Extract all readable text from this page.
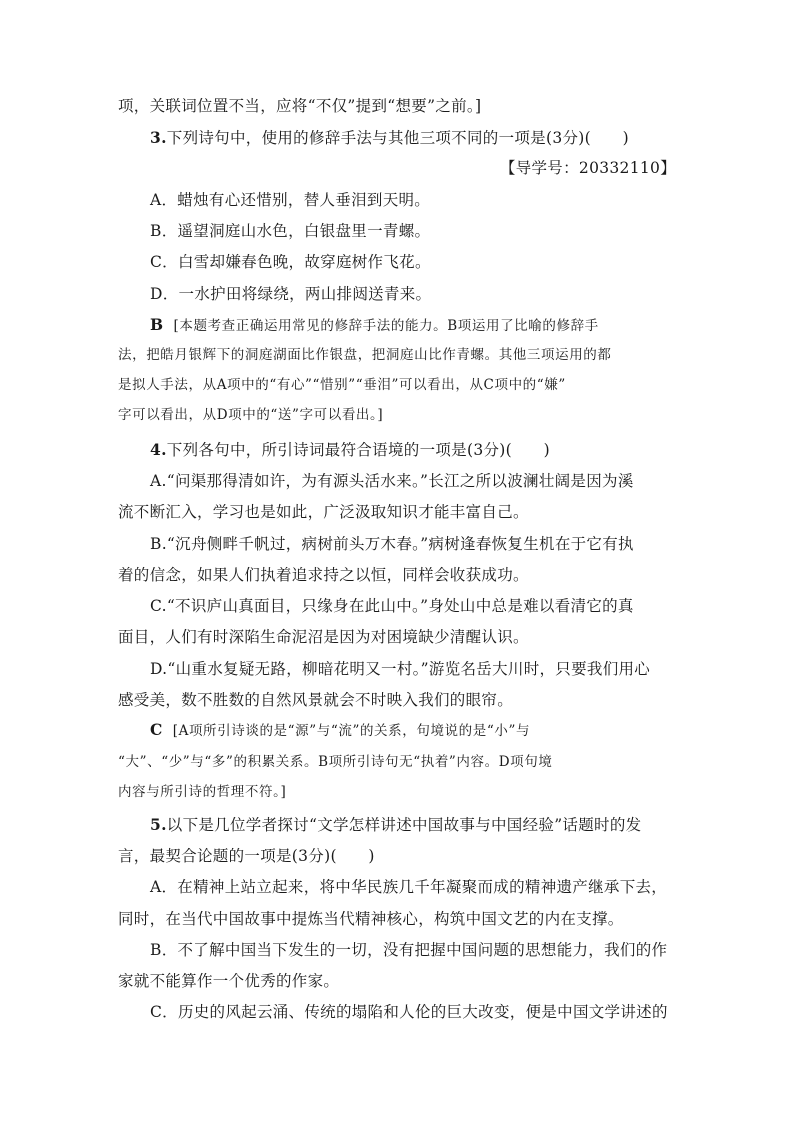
项，关联词位置不当，应将“不仅”提到“想要”之前。]
3.下列诗句中，使用的修辞手法与其他三项不同的一项是(3分)(　　)
【导学号：20332110】
A．蜡烛有心还惜别，替人垂泪到天明。
B．遥望洞庭山水色，白银盘里一青螺。
C．白雪却嫌春色晚，故穿庭树作飞花。
D．一水护田将绿绕，两山排闼送青来。
B [本题考查正确运用常见的修辞手法的能力。B项运用了比喻的修辞手
法，把皓月银辉下的洞庭湖面比作银盘，把洞庭山比作青螺。其他三项运用的都
是拟人手法，从A项中的“有心”“惜别”“垂泪”可以看出，从C项中的“嫌”
字可以看出，从D项中的“送”字可以看出。]
4.下列各句中，所引诗词最符合语境的一项是(3分)(　　)
A.“问渠那得清如许，为有源头活水来。”长江之所以波澜壮阔是因为溪
流不断汇入，学习也是如此，广泛汲取知识才能丰富自己。
B.“沉舟侧畔千帆过，病树前头万木春。”病树逢春恢复生机在于它有执
着的信念，如果人们执着追求持之以恒，同样会收获成功。
C.“不识庐山真面目，只缘身在此山中。”身处山中总是难以看清它的真
面目，人们有时深陷生命泥沼是因为对困境缺少清醒认识。
D.“山重水复疑无路，柳暗花明又一村。”游览名岳大川时，只要我们用心
感受美，数不胜数的自然风景就会不时映入我们的眼帘。
C [A项所引诗谈的是“源”与“流”的关系，句境说的是“小”与
“大”、“少”与“多”的积累关系。B项所引诗句无“执着”内容。D项句境
内容与所引诗的哲理不符。]
5.以下是几位学者探讨“文学怎样讲述中国故事与中国经验”话题时的发
言，最契合论题的一项是(3分)(　　)
A．在精神上站立起来，将中华民族几千年凝聚而成的精神遗产继承下去，
同时，在当代中国故事中提炼当代精神核心，构筑中国文艺的内在支撑。
B．不了解中国当下发生的一切，没有把握中国问题的思想能力，我们的作
家就不能算作一个优秀的作家。
C．历史的风起云涌、传统的塌陷和人伦的巨大改变，便是中国文学讲述的
